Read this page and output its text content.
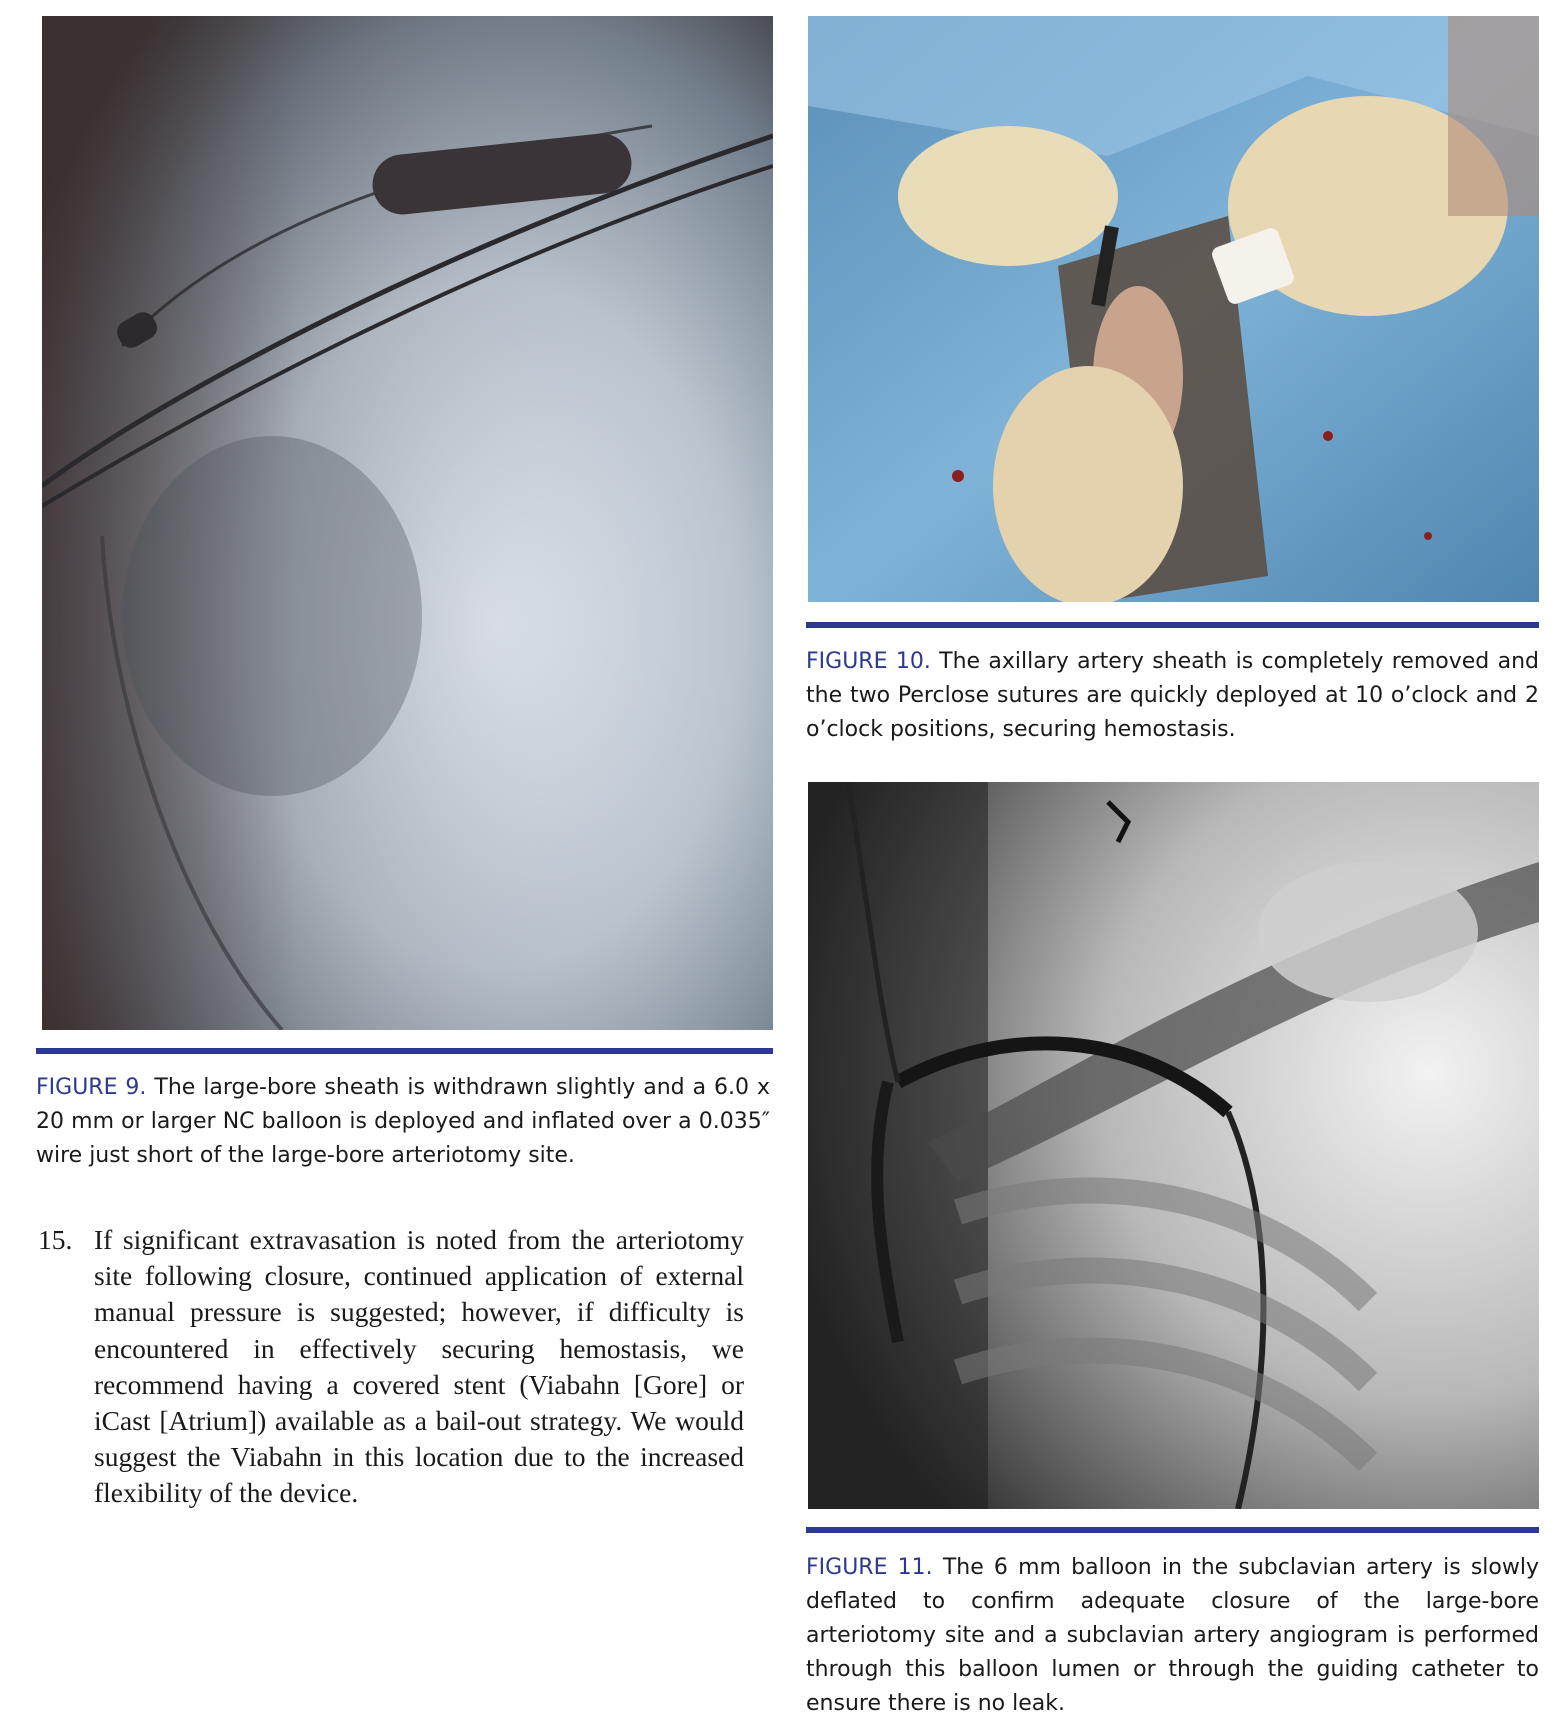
FIGURE 9. The large-bore sheath is withdrawn slightly and a 6.0 x 20 mm or larger NC balloon is deployed and inflated over a 0.035″ wire just short of the large-bore arteriotomy site.

15. If significant extravasation is noted from the arteriotomy site following closure, continued application of external manual pressure is suggested; however, if difficulty is encountered in effectively securing hemostasis, we recommend having a covered stent (Viabahn [Gore] or iCast [Atrium]) available as a bail-out strategy. We would suggest the Viabahn in this location due to the increased flexibility of the device.

FIGURE 10. The axillary artery sheath is completely removed and the two Perclose sutures are quickly deployed at 10 o’clock and 2 o’clock positions, securing hemostasis.

FIGURE 11. The 6 mm balloon in the subclavian artery is slowly deflated to confirm adequate closure of the large-bore arteriotomy site and a subclavian artery angiogram is performed through this balloon lumen or through the guiding catheter to ensure there is no leak.
